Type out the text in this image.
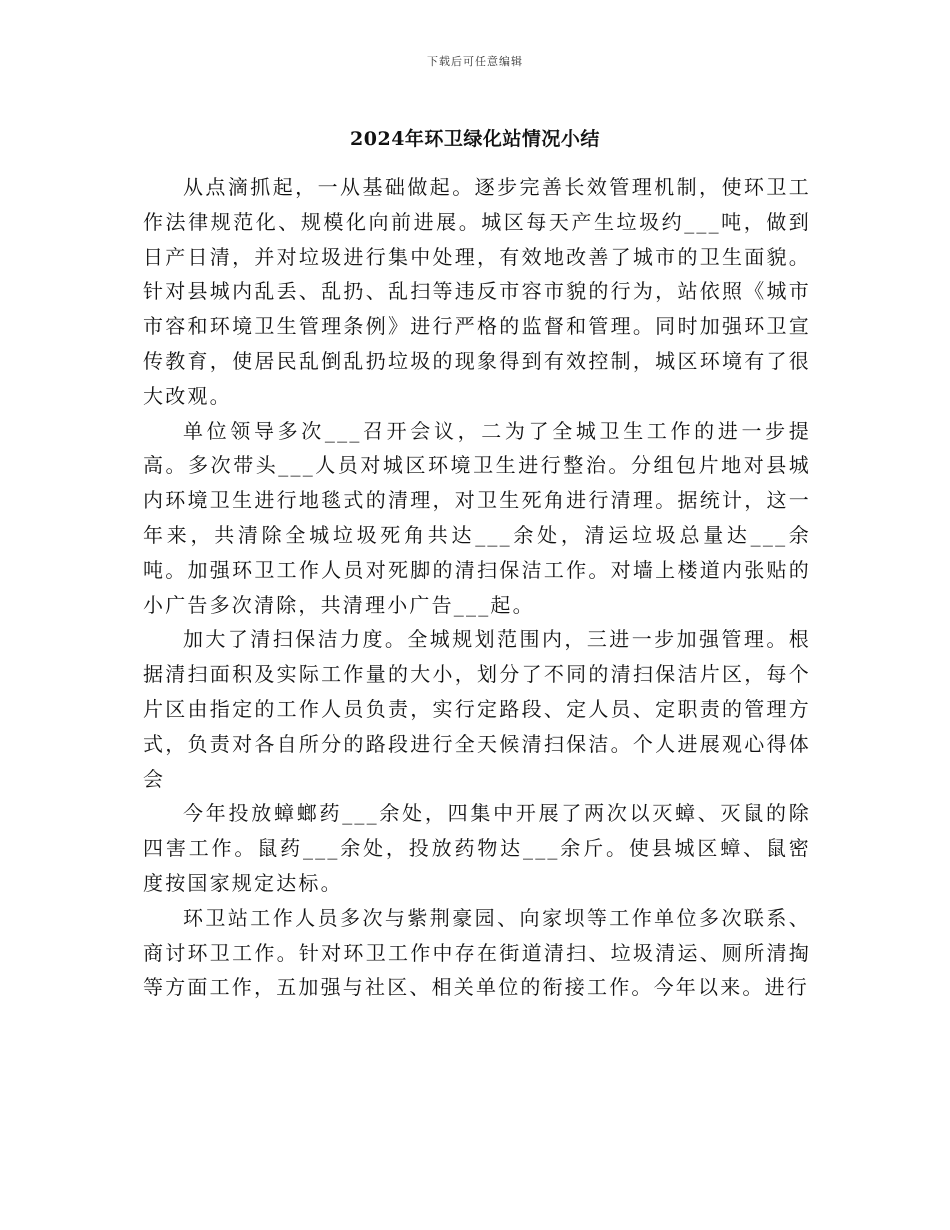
下载后可任意编辑
2024年环卫绿化站情况小结

从点滴抓起，一从基础做起。逐步完善长效管理机制，使环卫工作法律规范化、规模化向前进展。城区每天产生垃圾约___吨，做到日产日清，并对垃圾进行集中处理，有效地改善了城市的卫生面貌。针对县城内乱丢、乱扔、乱扫等违反市容市貌的行为，站依照《城市市容和环境卫生管理条例》进行严格的监督和管理。同时加强环卫宣传教育，使居民乱倒乱扔垃圾的现象得到有效控制，城区环境有了很大改观。

单位领导多次___召开会议，二为了全城卫生工作的进一步提高。多次带头___人员对城区环境卫生进行整治。分组包片地对县城内环境卫生进行地毯式的清理，对卫生死角进行清理。据统计，这一年来，共清除全城垃圾死角共达___余处，清运垃圾总量达___余吨。加强环卫工作人员对死脚的清扫保洁工作。对墙上楼道内张贴的小广告多次清除，共清理小广告___起。

加大了清扫保洁力度。全城规划范围内，三进一步加强管理。根据清扫面积及实际工作量的大小，划分了不同的清扫保洁片区，每个片区由指定的工作人员负责，实行定路段、定人员、定职责的管理方式，负责对各自所分的路段进行全天候清扫保洁。个人进展观心得体会

今年投放蟑螂药___余处，四集中开展了两次以灭蟑、灭鼠的除四害工作。鼠药___余处，投放药物达___余斤。使县城区蟑、鼠密度按国家规定达标。

环卫站工作人员多次与紫荆豪园、向家坝等工作单位多次联系、商讨环卫工作。针对环卫工作中存在街道清扫、垃圾清运、厕所清掏等方面工作，五加强与社区、相关单位的衔接工作。今年以来。进行
